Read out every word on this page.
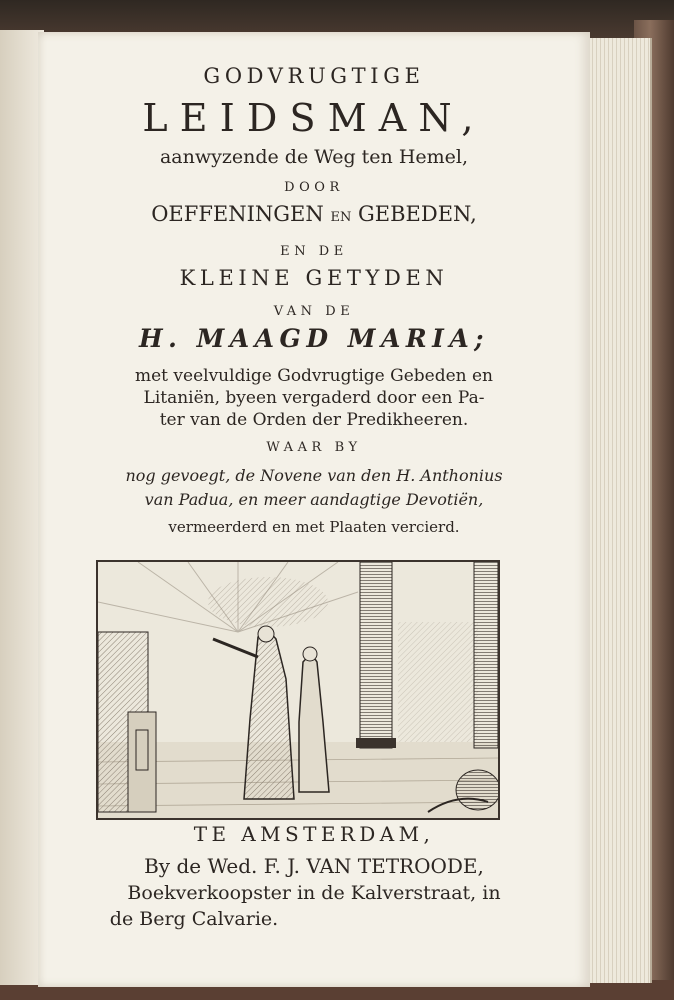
GODVRUGTIGE
LEIDSMAN,
aanwyzende de Weg ten Hemel,
DOOR
OEFFENINGEN EN GEBEDEN,
EN DE
KLEINE GETYDEN
VAN DE
H. MAAGD MARIA;
met veelvuldige Godvrugtige Gebeden en
Litaniën, byeen vergaderd door een Pa-
ter van de Orden der Predikheeren.
WAAR BY
nog gevoegt, de Novene van den H. Anthonius
van Padua, en meer aandagtige Devotiën,
vermeerderd en met Plaaten vercierd.
TE AMSTERDAM,
By de Wed. F. J. VAN TETROODE,
Boekverkoopster in de Kalverstraat, in
de Berg Calvarie.
